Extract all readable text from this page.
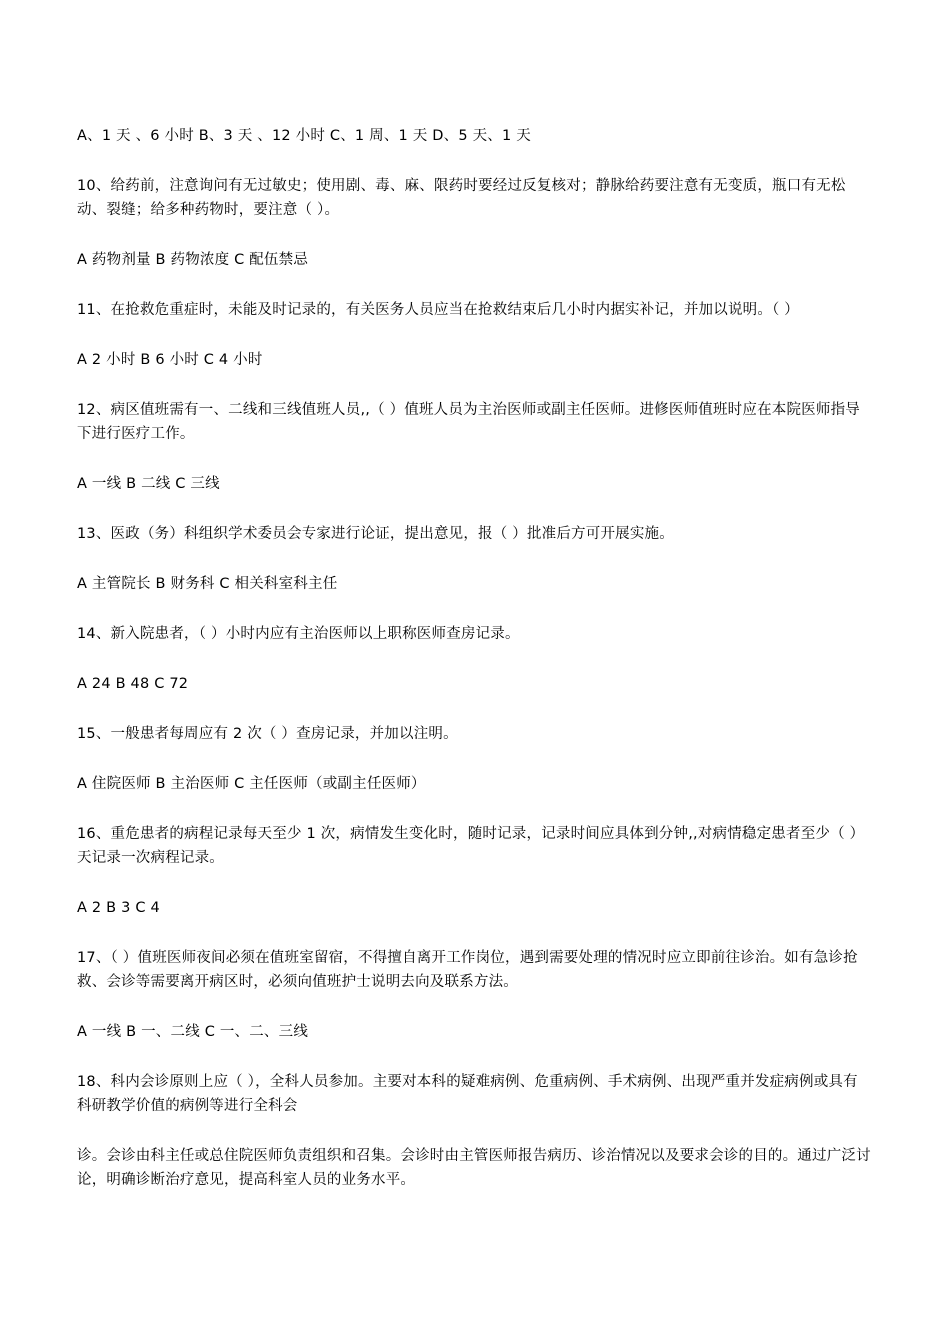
A、1 天 、6 小时 B、3 天 、12 小时 C、1 周、1 天 D、5 天、1 天

10、给药前，注意询问有无过敏史；使用剧、毒、麻、限药时要经过反复核对；静脉给药要注意有无变质，瓶口有无松动、裂缝；给多种药物时，要注意（ ）。

A 药物剂量 B 药物浓度 C 配伍禁忌

11、在抢救危重症时，未能及时记录的，有关医务人员应当在抢救结束后几小时内据实补记，并加以说明。（ ）

A 2 小时 B 6 小时 C 4 小时

12、病区值班需有一、二线和三线值班人员,,（ ）值班人员为主治医师或副主任医师。进修医师值班时应在本院医师指导下进行医疗工作。

A 一线 B 二线 C 三线

13、医政（务）科组织学术委员会专家进行论证，提出意见，报（ ）批准后方可开展实施。

A 主管院长 B 财务科 C 相关科室科主任

14、新入院患者，（ ）小时内应有主治医师以上职称医师查房记录。

A 24 B 48 C 72

15、一般患者每周应有 2 次（ ）查房记录，并加以注明。

A 住院医师 B 主治医师 C 主任医师（或副主任医师）

16、重危患者的病程记录每天至少 1 次，病情发生变化时，随时记录，记录时间应具体到分钟,,对病情稳定患者至少（ ）天记录一次病程记录。

A 2 B 3 C 4

17、（ ）值班医师夜间必须在值班室留宿，不得擅自离开工作岗位，遇到需要处理的情况时应立即前往诊治。如有急诊抢救、会诊等需要离开病区时，必须向值班护士说明去向及联系方法。

A 一线 B 一、二线 C 一、二、三线

18、科内会诊原则上应（ ），全科人员参加。主要对本科的疑难病例、危重病例、手术病例、出现严重并发症病例或具有科研教学价值的病例等进行全科会

诊。会诊由科主任或总住院医师负责组织和召集。会诊时由主管医师报告病历、诊治情况以及要求会诊的目的。通过广泛讨论，明确诊断治疗意见，提高科室人员的业务水平。
